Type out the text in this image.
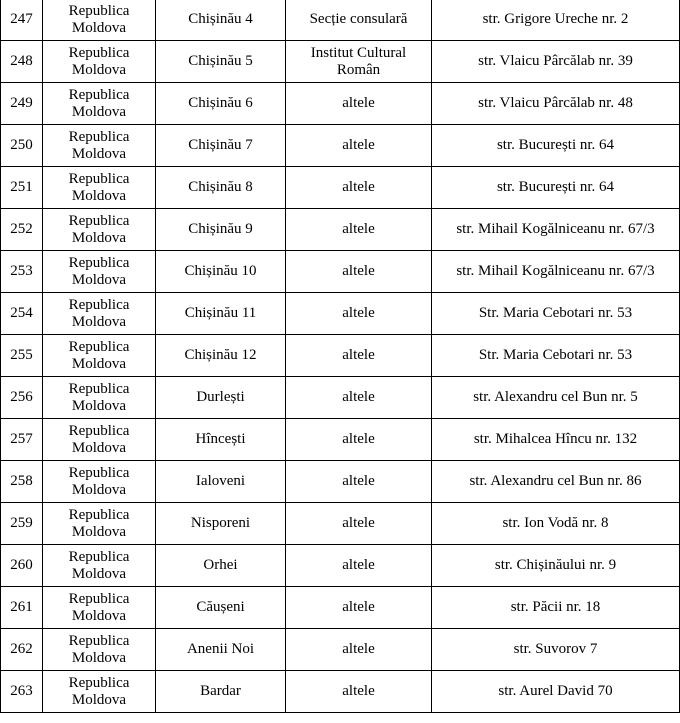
247	Republica Moldova	Chișinău 4	Secție consulară	str. Grigore Ureche nr. 2
248	Republica Moldova	Chișinău 5	Institut Cultural Român	str. Vlaicu Pârcălab nr. 39
249	Republica Moldova	Chișinău 6	altele	str. Vlaicu Pârcălab nr. 48
250	Republica Moldova	Chișinău 7	altele	str. București nr. 64
251	Republica Moldova	Chișinău 8	altele	str. București nr. 64
252	Republica Moldova	Chișinău 9	altele	str. Mihail Kogălniceanu nr. 67/3
253	Republica Moldova	Chișinău 10	altele	str. Mihail Kogălniceanu nr. 67/3
254	Republica Moldova	Chișinău 11	altele	Str. Maria Cebotari nr. 53
255	Republica Moldova	Chișinău 12	altele	Str. Maria Cebotari nr. 53
256	Republica Moldova	Durlești	altele	str. Alexandru cel Bun nr. 5
257	Republica Moldova	Hîncești	altele	str. Mihalcea Hîncu nr. 132
258	Republica Moldova	Ialoveni	altele	str. Alexandru cel Bun nr. 86
259	Republica Moldova	Nisporeni	altele	str. Ion Vodă nr. 8
260	Republica Moldova	Orhei	altele	str. Chișinăului nr. 9
261	Republica Moldova	Căușeni	altele	str. Păcii nr. 18
262	Republica Moldova	Anenii Noi	altele	str. Suvorov 7
263	Republica Moldova	Bardar	altele	str. Aurel David 70
